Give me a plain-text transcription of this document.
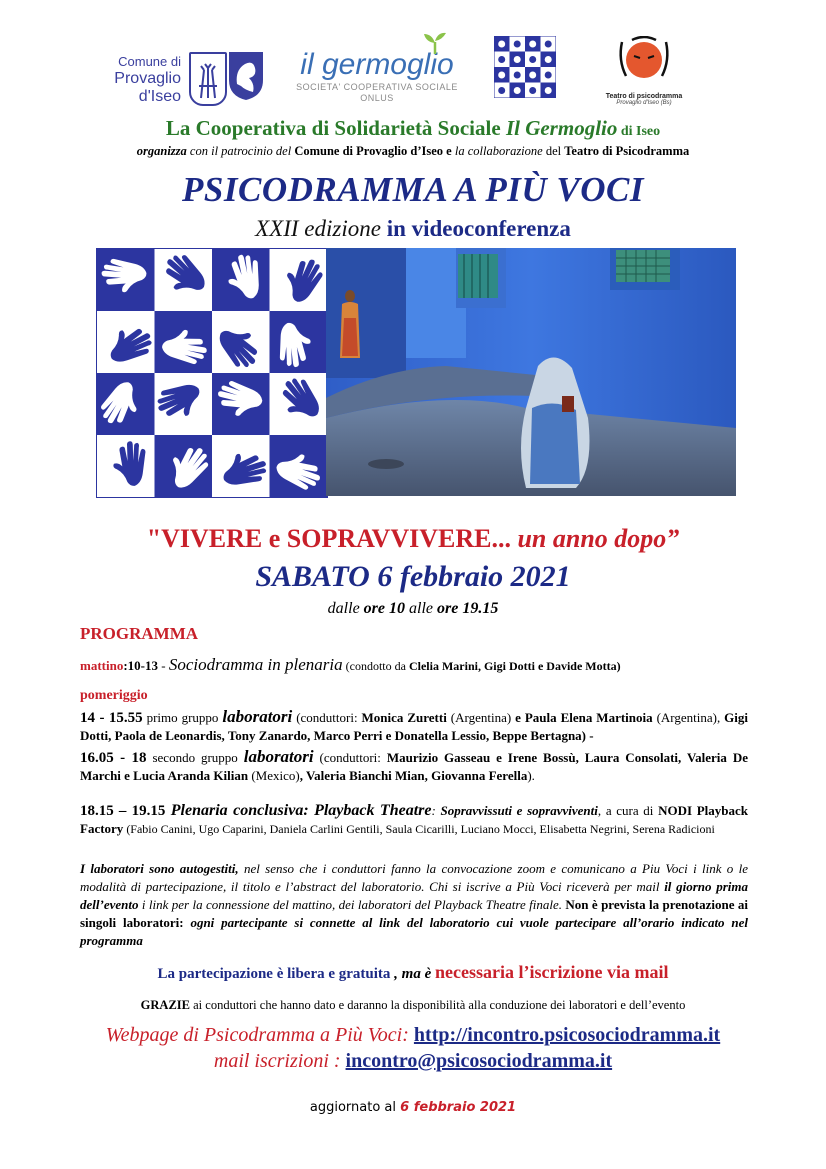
Comune di
Provaglio
d'Iseo
il germoglio
SOCIETA' COOPERATIVA SOCIALE
ONLUS	Teatro di psicodramma
Provaglio d'Iseo (Bs)
La Cooperativa di Solidarietà Sociale Il Germoglio di Iseo
organizza con il patrocinio del Comune di Provaglio d’Iseo e la collaborazione del Teatro di Psicodramma
PSICODRAMMA A PIÙ VOCI
XXII edizione in videoconferenza
"VIVERE e SOPRAVVIVERE... un anno dopo”
SABATO 6 febbraio 2021
dalle ore 10 alle ore 19.15
PROGRAMMA
mattino:10-13 - Sociodramma in plenaria (condotto da Clelia Marini, Gigi Dotti e Davide Motta)
pomeriggio
14 - 15.55 primo gruppo laboratori (conduttori: Monica Zuretti (Argentina) e Paula Elena Martinoia (Argentina), Gigi Dotti, Paola de Leonardis, Tony Zanardo, Marco Perri e Donatella Lessio, Beppe Bertagna) -
16.05 - 18 secondo gruppo laboratori (conduttori: Maurizio Gasseau e Irene Bossù, Laura Consolati, Valeria De Marchi e Lucia Aranda Kilian (Mexico), Valeria Bianchi Mian, Giovanna Ferella).
18.15 – 19.15 Plenaria conclusiva: Playback Theatre: Sopravvissuti e sopravviventi, a cura di NODI Playback Factory (Fabio Canini, Ugo Caparini, Daniela Carlini Gentili, Saula Cicarilli, Luciano Mocci, Elisabetta Negrini, Serena Radicioni
I laboratori sono autogestiti, nel senso che i conduttori fanno la convocazione zoom e comunicano a Piu Voci i link o le modalità di partecipazione, il titolo e l’abstract del laboratorio. Chi si iscrive a Più Voci riceverà per mail il giorno prima dell’evento i link per la connessione del mattino, dei laboratori del Playback Theatre finale. Non è prevista la prenotazione ai singoli laboratori: ogni partecipante si connette al link del laboratorio cui vuole partecipare all’orario indicato nel programma
La partecipazione è libera e gratuita , ma è necessaria l’iscrizione via mail
GRAZIE ai conduttori che hanno dato e daranno la disponibilità alla conduzione dei laboratori e dell’evento
Webpage di Psicodramma a Più Voci: http://incontro.psicosociodramma.it
mail iscrizioni : incontro@psicosociodramma.it
aggiornato al 6 febbraio 2021
